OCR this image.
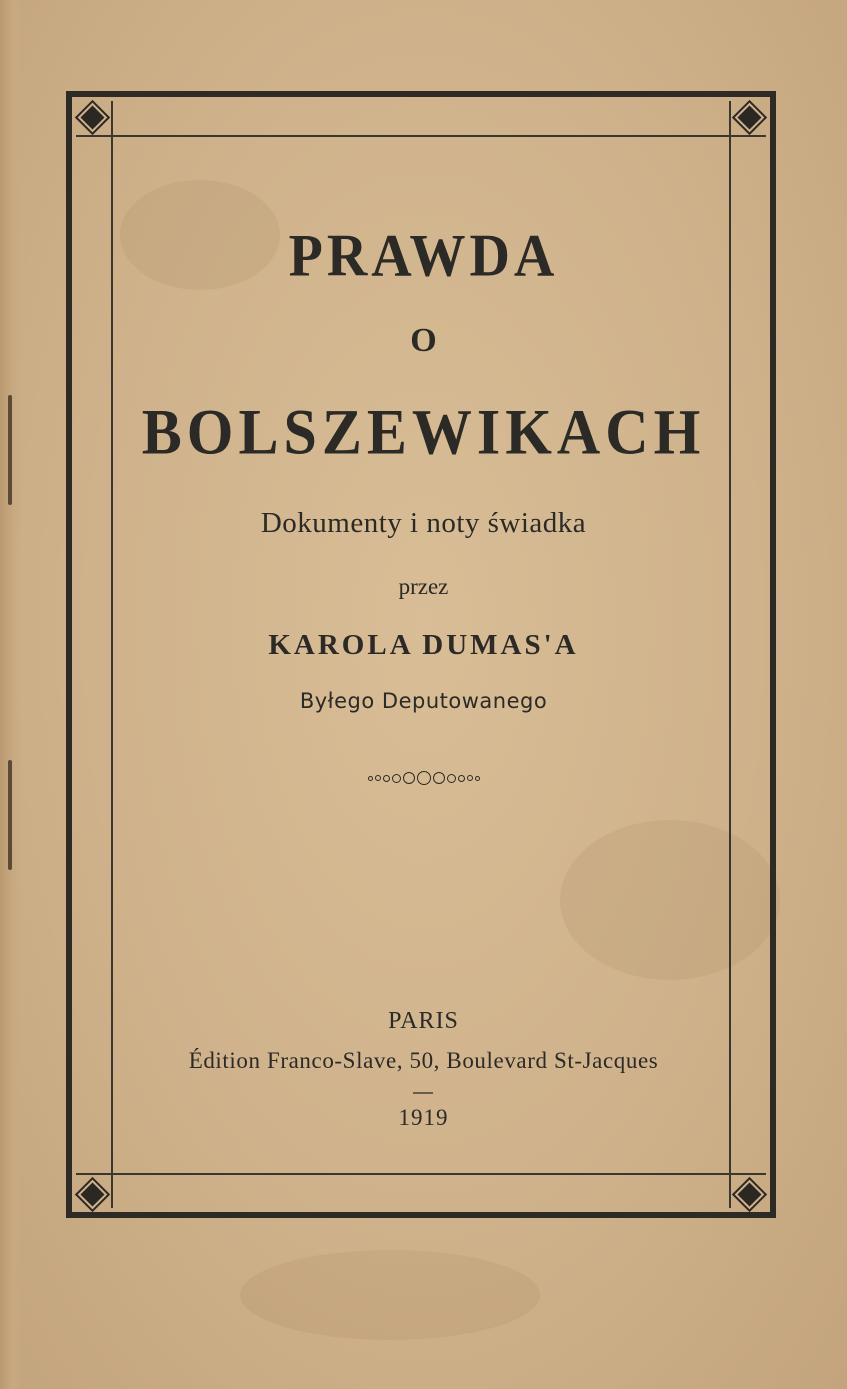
PRAWDA
O
BOLSZEWIKACH
Dokumenty i noty świadka
przez
KAROLA DUMAS'A
Byłego Deputowanego
PARIS
Édition Franco-Slave, 50, Boulevard St-Jacques
1919
